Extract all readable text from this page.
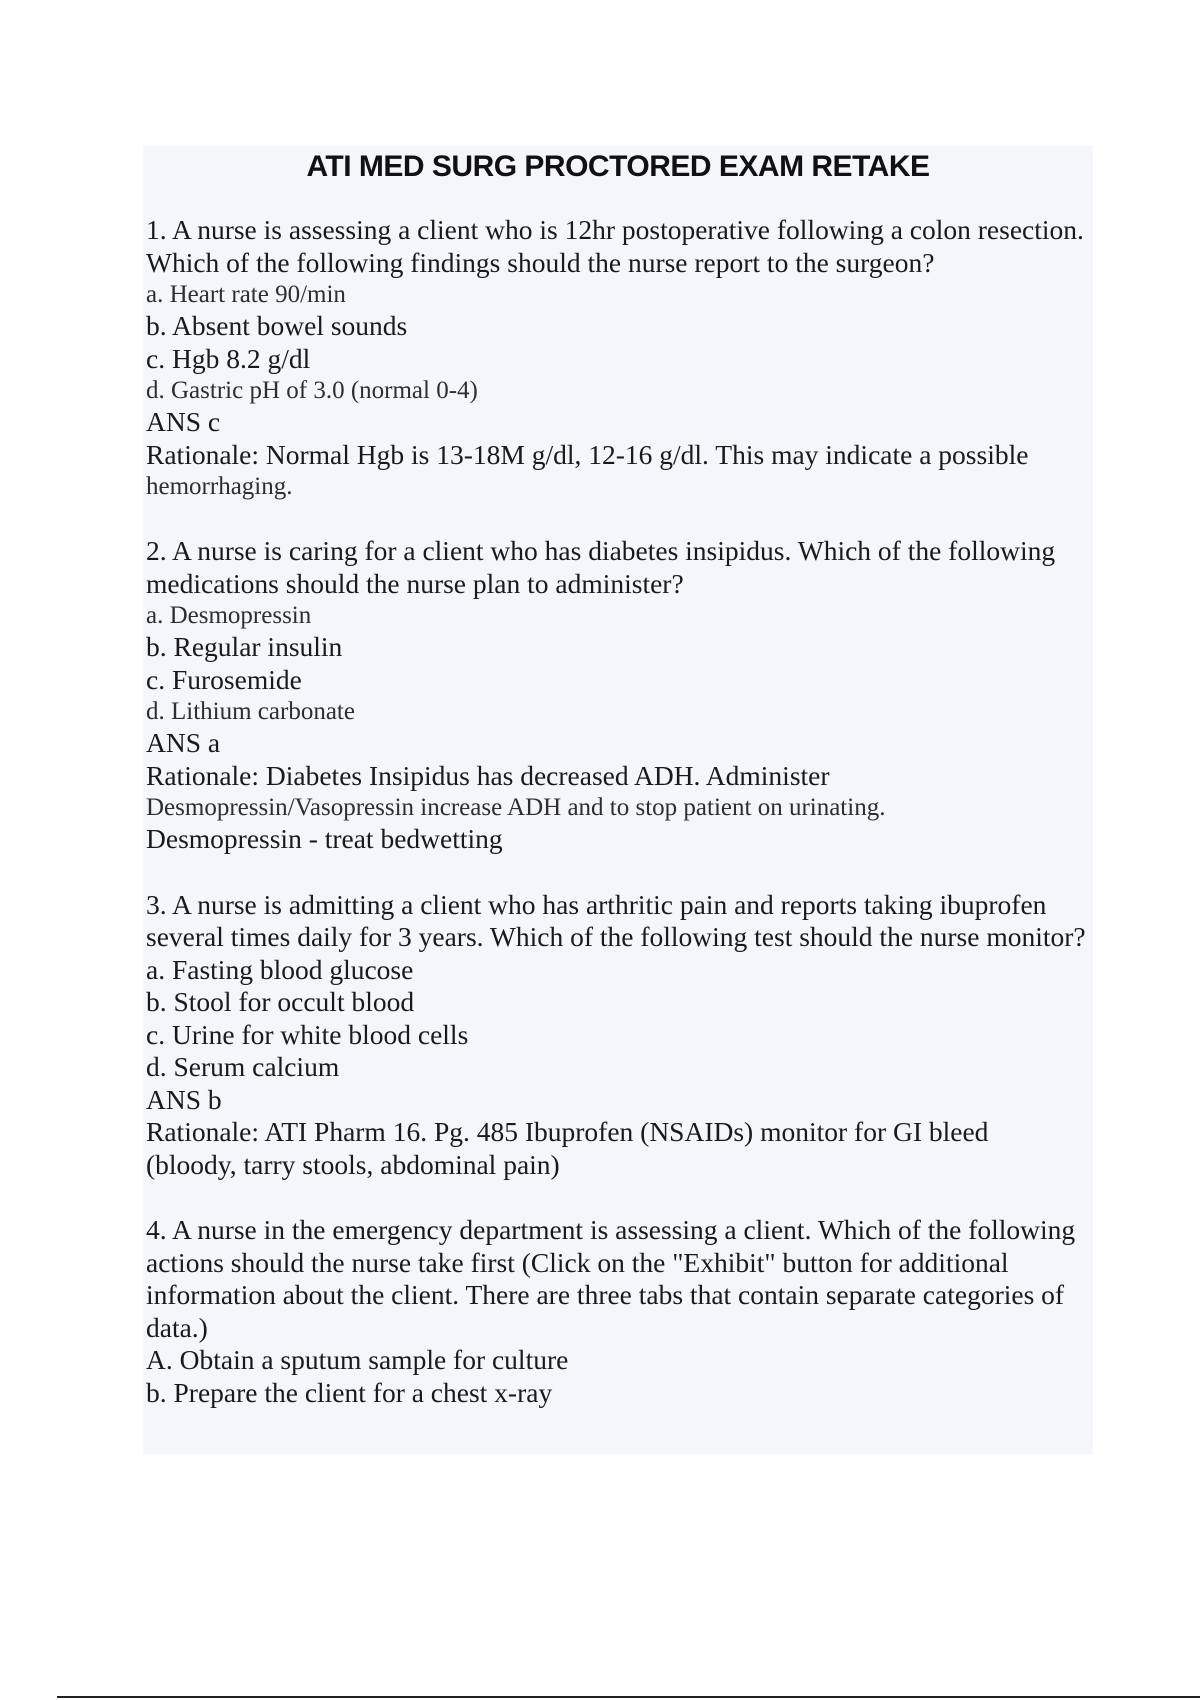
ATI MED SURG PROCTORED EXAM RETAKE
1. A nurse is assessing a client who is 12hr postoperative following a colon resection. Which of the following findings should the nurse report to the surgeon?
a. Heart rate 90/min
b. Absent bowel sounds
c. Hgb 8.2 g/dl
d. Gastric pH of 3.0 (normal 0-4)
ANS c
Rationale: Normal Hgb is 13-18M g/dl, 12-16 g/dl. This may indicate a possible
hemorrhaging.
2. A nurse is caring for a client who has diabetes insipidus. Which of the following medications should the nurse plan to administer?
a. Desmopressin
b. Regular insulin
c. Furosemide
d. Lithium carbonate
ANS a
Rationale: Diabetes Insipidus has decreased ADH. Administer
Desmopressin/Vasopressin increase ADH and to stop patient on urinating.
Desmopressin - treat bedwetting
3. A nurse is admitting a client who has arthritic pain and reports taking ibuprofen several times daily for 3 years. Which of the following test should the nurse monitor?
a. Fasting blood glucose
b. Stool for occult blood
c. Urine for white blood cells
d. Serum calcium
ANS b
Rationale: ATI Pharm 16. Pg. 485 Ibuprofen (NSAIDs) monitor for GI bleed
(bloody, tarry stools, abdominal pain)
4. A nurse in the emergency department is assessing a client. Which of the following actions should the nurse take first (Click on the "Exhibit" button for additional information about the client. There are three tabs that contain separate categories of data.)
A. Obtain a sputum sample for culture
b. Prepare the client for a chest x-ray
